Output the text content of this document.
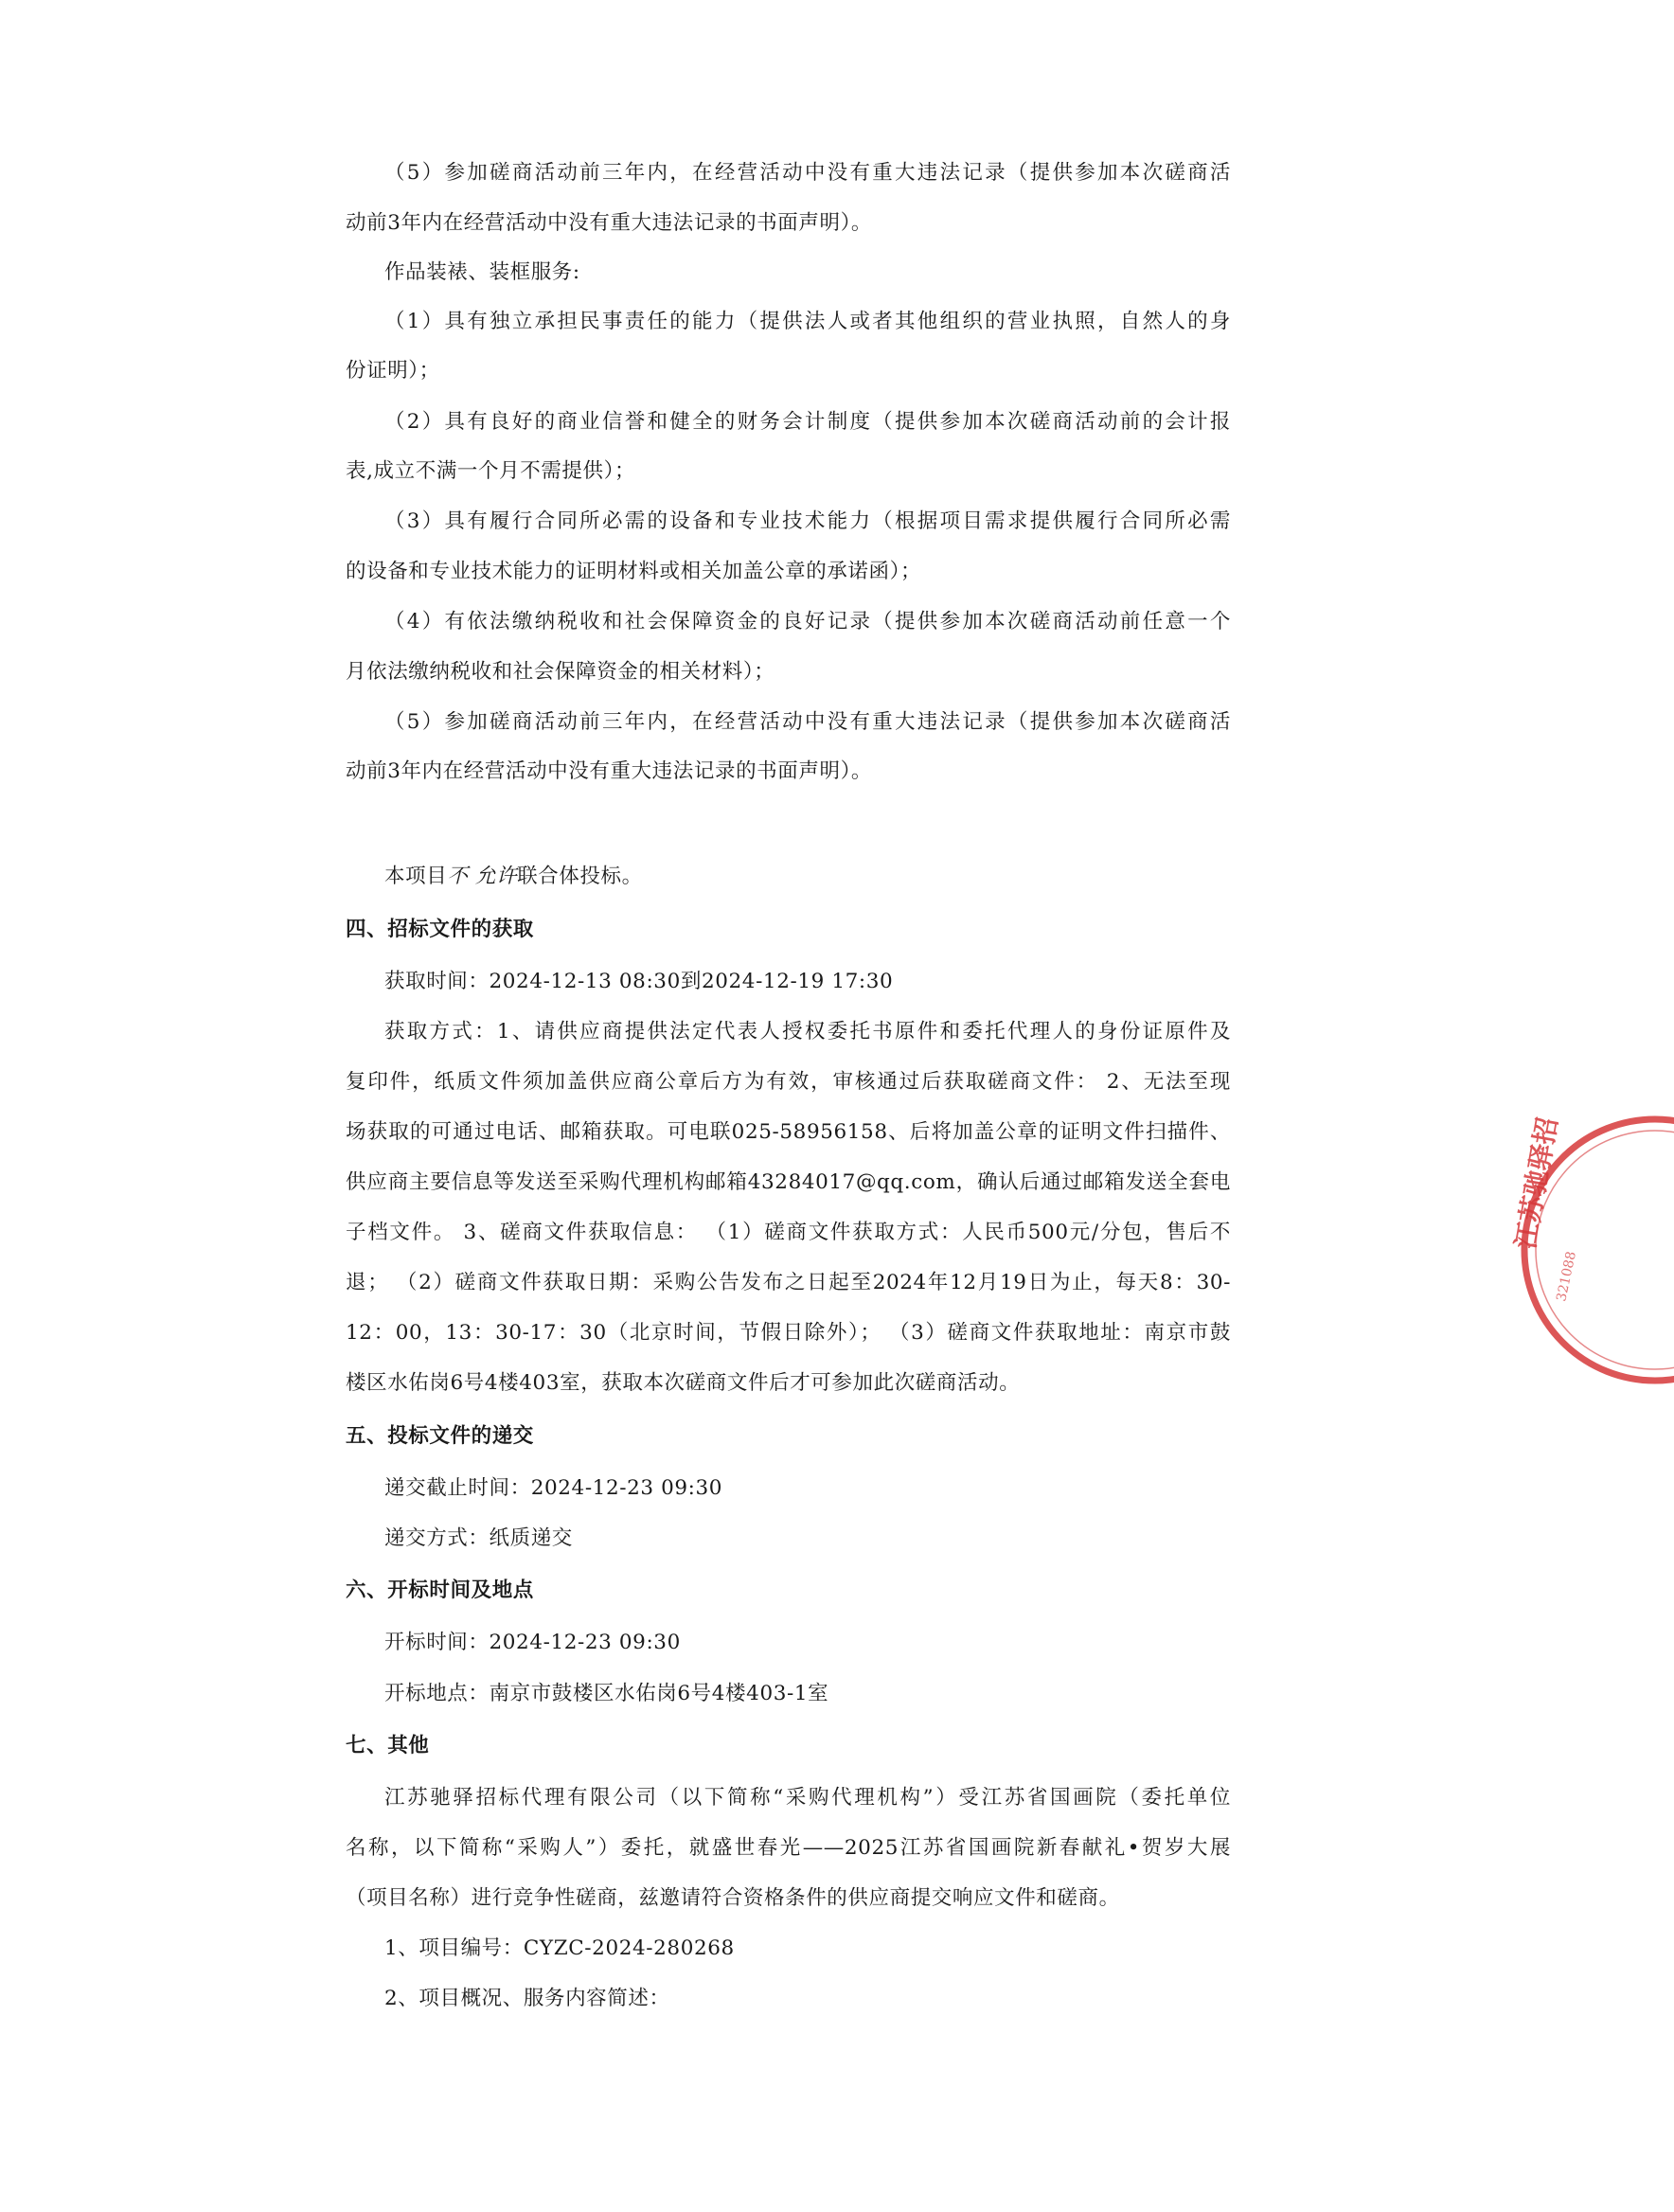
（5）参加磋商活动前三年内，在经营活动中没有重大违法记录（提供参加本次磋商活
动前3年内在经营活动中没有重大违法记录的书面声明）。
作品装裱、装框服务:
（1）具有独立承担民事责任的能力（提供法人或者其他组织的营业执照，自然人的身
份证明）；
（2）具有良好的商业信誉和健全的财务会计制度（提供参加本次磋商活动前的会计报
表,成立不满一个月不需提供）；
（3）具有履行合同所必需的设备和专业技术能力（根据项目需求提供履行合同所必需
的设备和专业技术能力的证明材料或相关加盖公章的承诺函）；
（4）有依法缴纳税收和社会保障资金的良好记录（提供参加本次磋商活动前任意一个
月依法缴纳税收和社会保障资金的相关材料）；
（5）参加磋商活动前三年内，在经营活动中没有重大违法记录（提供参加本次磋商活
动前3年内在经营活动中没有重大违法记录的书面声明）。
本项目不 允许联合体投标。
四、招标文件的获取
获取时间：2024-12-13 08:30到2024-12-19 17:30
获取方式：1、请供应商提供法定代表人授权委托书原件和委托代理人的身份证原件及
复印件，纸质文件须加盖供应商公章后方为有效，审核通过后获取磋商文件： 2、无法至现
场获取的可通过电话、邮箱获取。可电联025-58956158、后将加盖公章的证明文件扫描件、
供应商主要信息等发送至采购代理机构邮箱43284017@qq.com，确认后通过邮箱发送全套电
子档文件。 3、磋商文件获取信息： （1）磋商文件获取方式：人民币500元/分包，售后不
退； （2）磋商文件获取日期：采购公告发布之日起至2024年12月19日为止，每天8：30-
12：00，13：30-17：30（北京时间，节假日除外）； （3）磋商文件获取地址：南京市鼓
楼区水佑岗6号4楼403室，获取本次磋商文件后才可参加此次磋商活动。
五、投标文件的递交
递交截止时间：2024-12-23 09:30
递交方式：纸质递交
六、开标时间及地点
开标时间：2024-12-23 09:30
开标地点：南京市鼓楼区水佑岗6号4楼403-1室
七、其他
江苏驰驿招标代理有限公司（以下简称“采购代理机构”）受江苏省国画院（委托单位
名称，以下简称“采购人”）委托，就盛世春光——2025江苏省国画院新春献礼•贺岁大展
（项目名称）进行竞争性磋商，兹邀请符合资格条件的供应商提交响应文件和磋商。
1、项目编号：CYZC-2024-280268
2、项目概况、服务内容简述：
江苏驰驿招
321088
